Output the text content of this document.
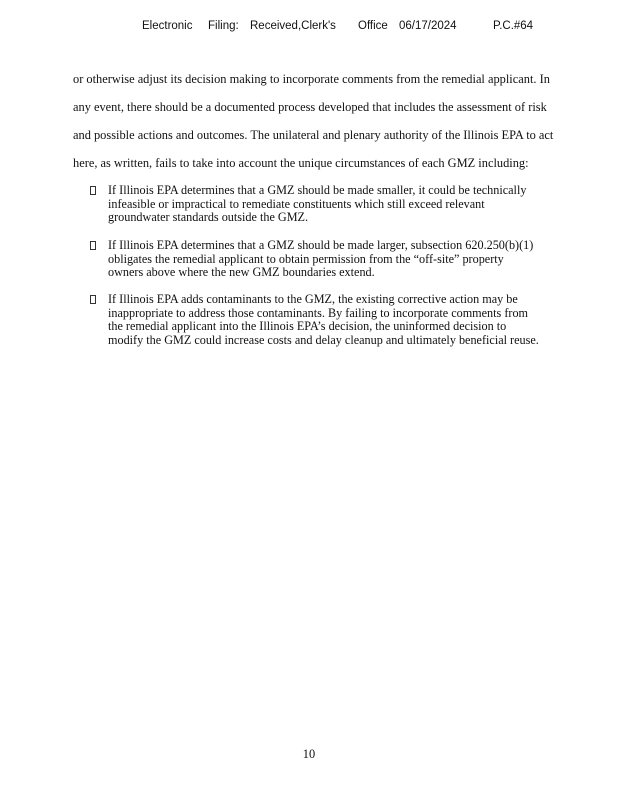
Electronic Filing: Received,Clerk's Office 06/17/2024	P.C.#64
or otherwise adjust its decision making to incorporate comments from the remedial applicant. In
any event, there should be a documented process developed that includes the assessment of risk
and possible actions and outcomes. The unilateral and plenary authority of the Illinois EPA to act
here, as written, fails to take into account the unique circumstances of each GMZ including:
If Illinois EPA determines that a GMZ should be made smaller, it could be technically
infeasible or impractical to remediate constituents which still exceed relevant
groundwater standards outside the GMZ.
If Illinois EPA determines that a GMZ should be made larger, subsection 620.250(b)(1)
obligates the remedial applicant to obtain permission from the “off-site” property
owners above where the new GMZ boundaries extend.
If Illinois EPA adds contaminants to the GMZ, the existing corrective action may be
inappropriate to address those contaminants. By failing to incorporate comments from
the remedial applicant into the Illinois EPA’s decision, the uninformed decision to
modify the GMZ could increase costs and delay cleanup and ultimately beneficial reuse.
10
